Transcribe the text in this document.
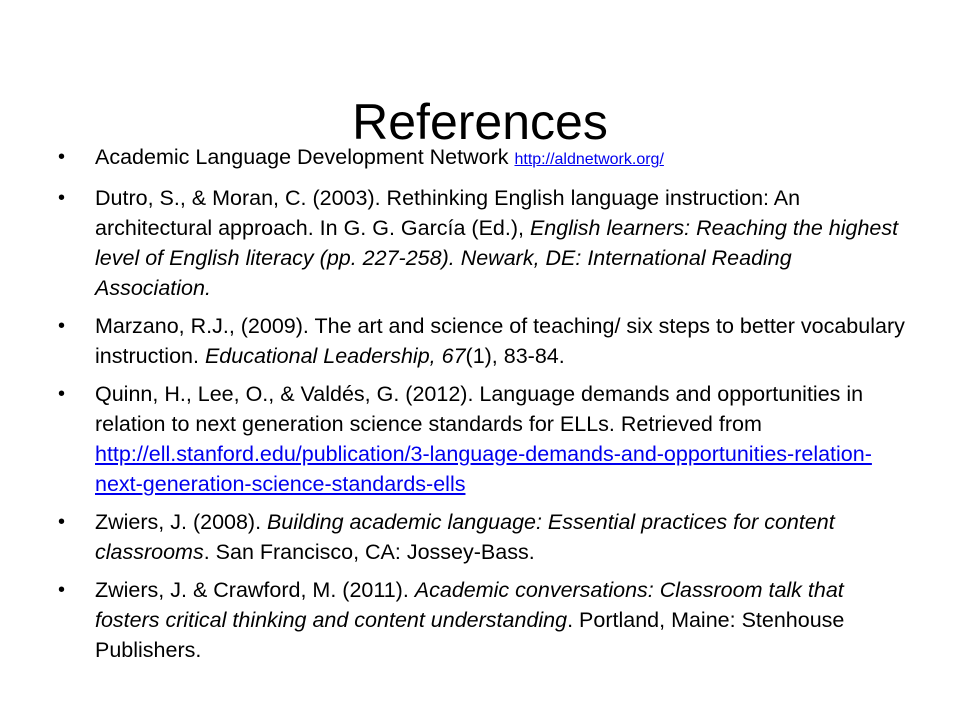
References
• Academic Language Development Network http://aldnetwork.org/
• Dutro, S., & Moran, C. (2003). Rethinking English language instruction: An architectural approach. In G. G. García (Ed.), English learners: Reaching the highest level of English literacy (pp. 227-258). Newark, DE: International Reading Association.
• Marzano, R.J., (2009). The art and science of teaching/ six steps to better vocabulary instruction. Educational Leadership, 67(1), 83-84.
• Quinn, H., Lee, O., & Valdés, G. (2012). Language demands and opportunities in relation to next generation science standards for ELLs. Retrieved from http://ell.stanford.edu/publication/3-language-demands-and-opportunities-relation-next-generation-science-standards-ells
• Zwiers, J. (2008). Building academic language: Essential practices for content classrooms. San Francisco, CA: Jossey-Bass.
• Zwiers, J. & Crawford, M. (2011). Academic conversations: Classroom talk that fosters critical thinking and content understanding. Portland, Maine: Stenhouse Publishers.
